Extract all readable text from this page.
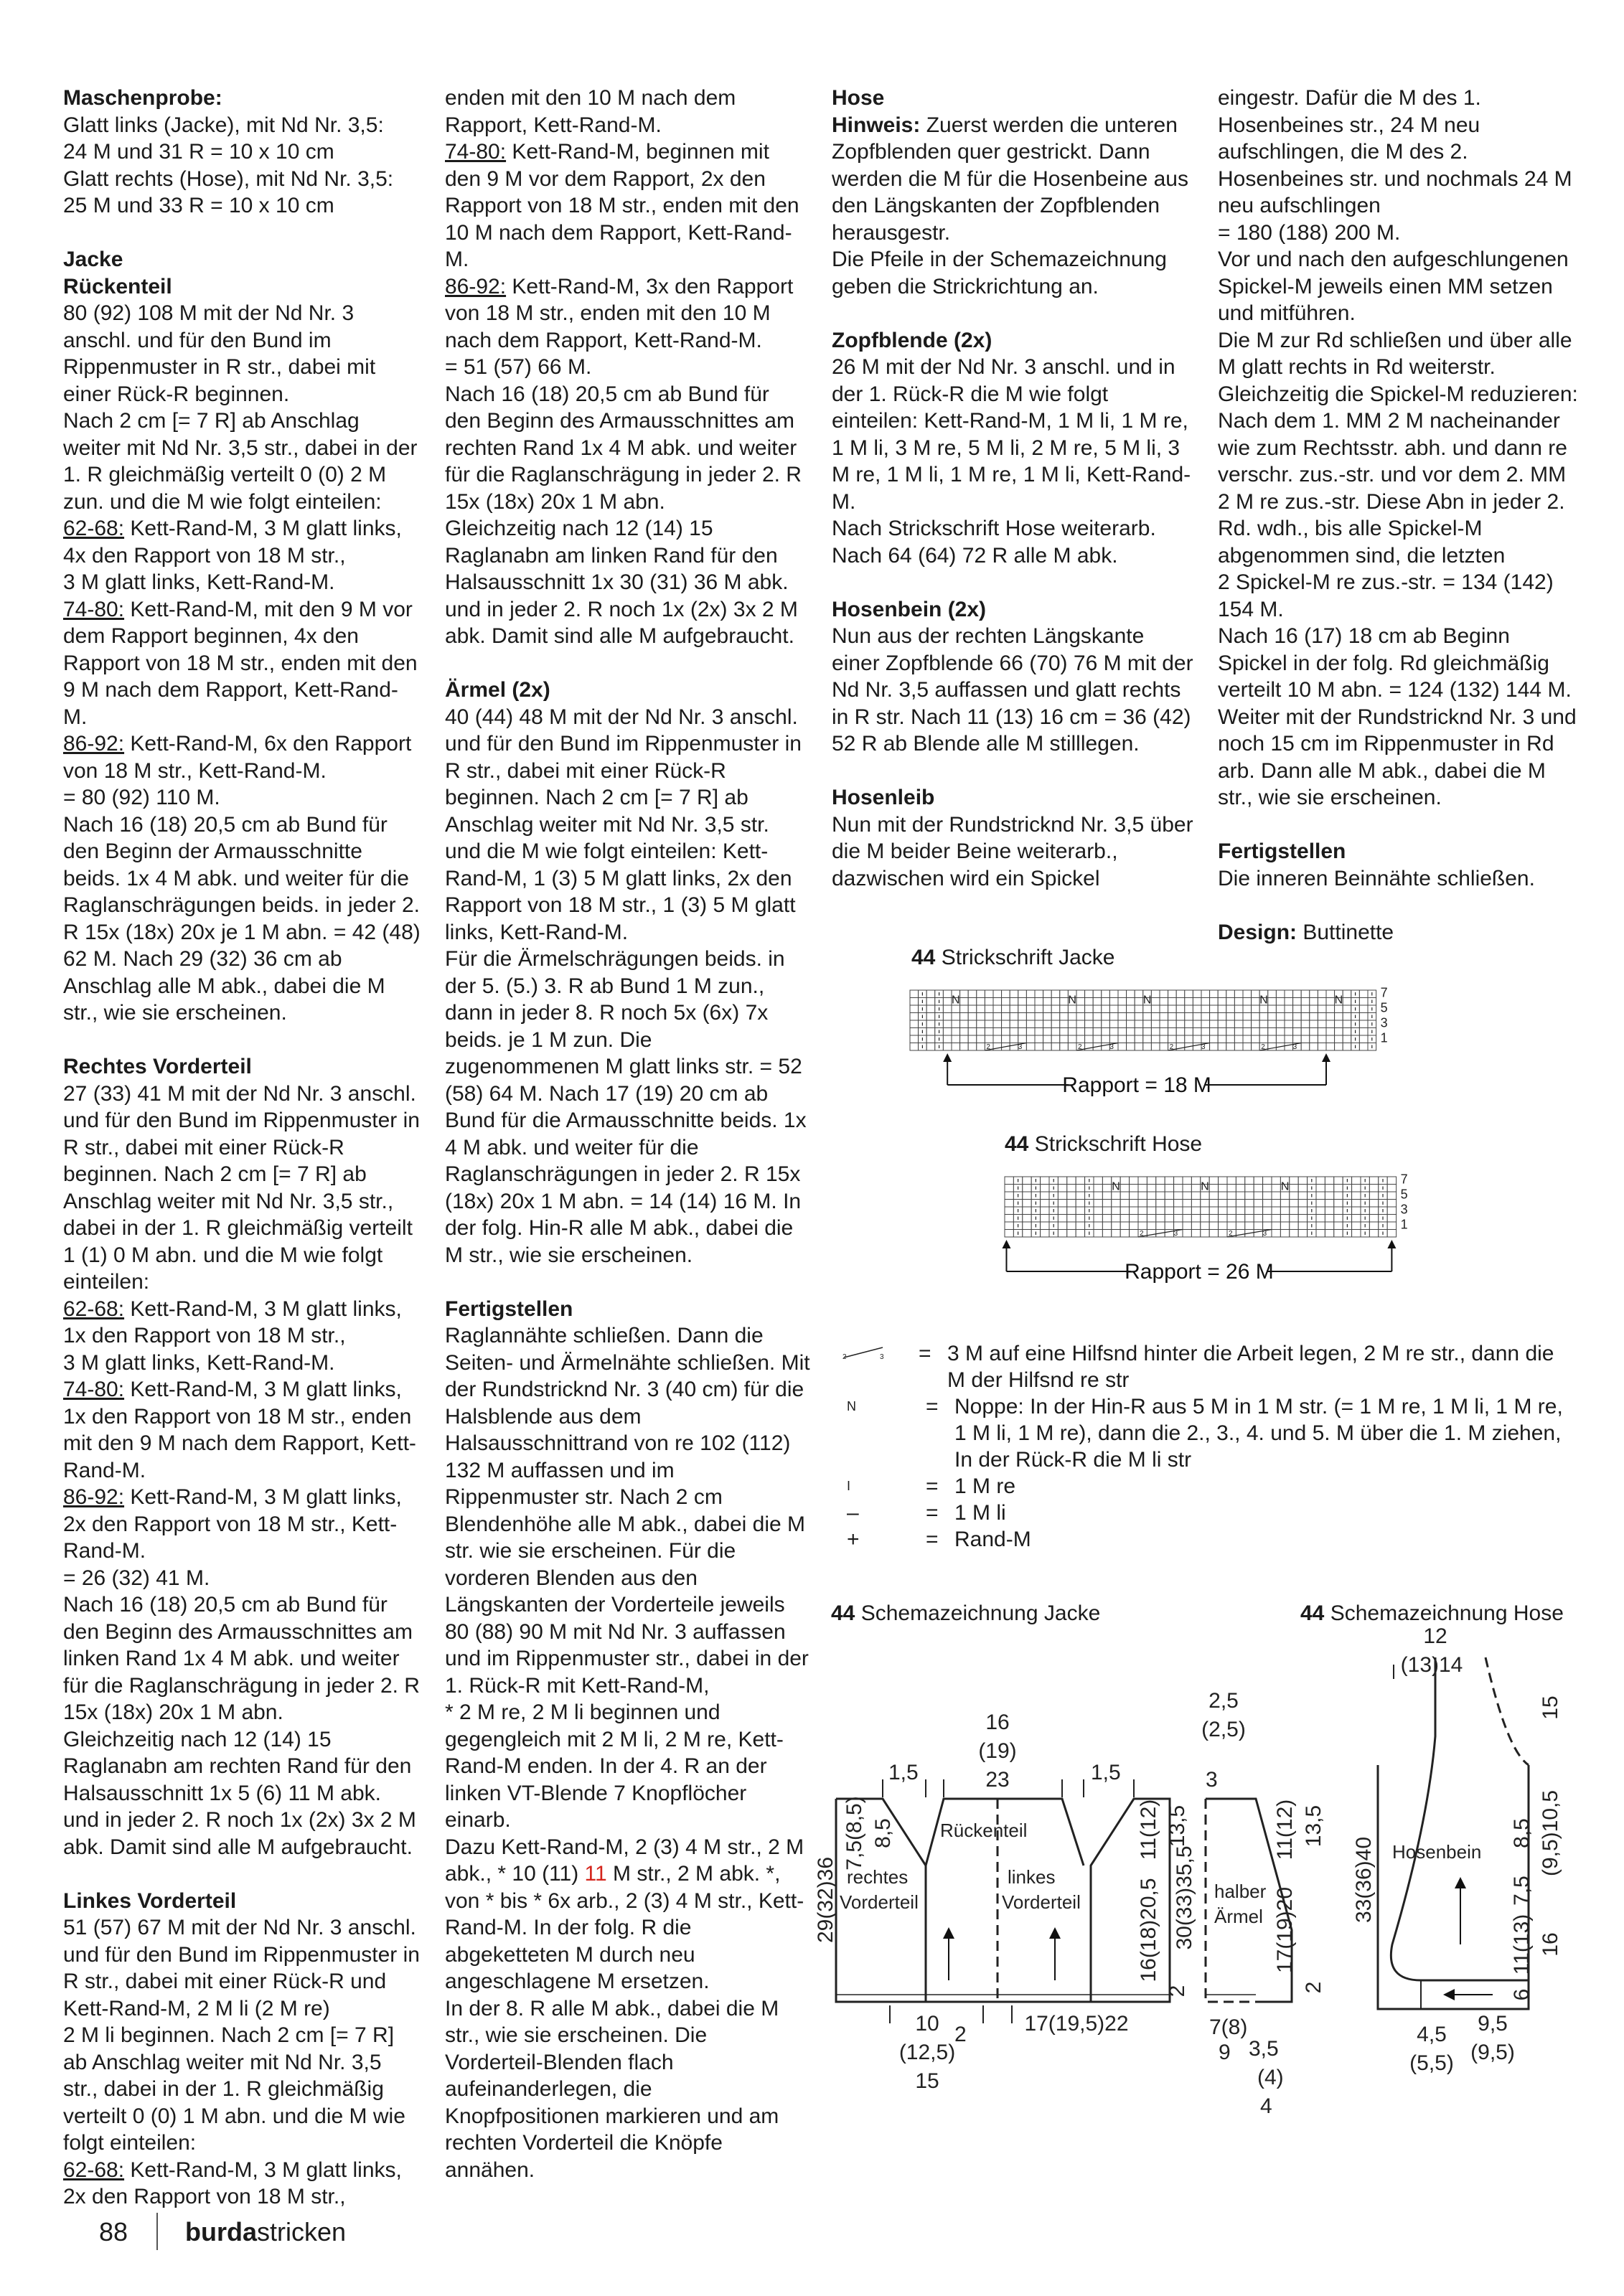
Maschenprobe:

Glatt links (Jacke), mit Nd Nr. 3,5:
24 M und 31 R = 10 x 10 cm
Glatt rechts (Hose), mit Nd Nr. 3,5:
25 M und 33 R = 10 x 10 cm

Jacke
Rückenteil

80 (92) 108 M mit der Nd Nr. 3 anschl. und für den Bund im Rippenmuster in R str., dabei mit einer Rück-R beginnen.
Nach 2 cm [= 7 R] ab Anschlag weiter mit Nd Nr. 3,5 str., dabei in der 1. R gleichmäßig verteilt 0 (0) 2 M zun. und die M wie folgt einteilen:
62-68: Kett-Rand-M, 3 M glatt links, 4x den Rapport von 18 M str.,
3 M glatt links, Kett-Rand-M.
74-80: Kett-Rand-M, mit den 9 M vor dem Rapport beginnen, 4x den Rapport von 18 M str., enden mit den 9 M nach dem Rapport, Kett-Rand-M.
86-92: Kett-Rand-M, 6x den Rapport von 18 M str., Kett-Rand-M.
= 80 (92) 110 M.
Nach 16 (18) 20,5 cm ab Bund für den Beginn der Armausschnitte beids. 1x 4 M abk. und weiter für die Raglanschrägungen beids. in jeder 2. R 15x (18x) 20x je 1 M abn. = 42 (48) 62 M. Nach 29 (32) 36 cm ab Anschlag alle M abk., dabei die M str., wie sie erscheinen.

Rechtes Vorderteil

27 (33) 41 M mit der Nd Nr. 3 anschl. und für den Bund im Rippenmuster in R str., dabei mit einer Rück-R beginnen. Nach 2 cm [= 7 R] ab Anschlag weiter mit Nd Nr. 3,5 str., dabei in der 1. R gleichmäßig verteilt 1 (1) 0 M abn. und die M wie folgt einteilen:
62-68: Kett-Rand-M, 3 M glatt links, 1x den Rapport von 18 M str.,
3 M glatt links, Kett-Rand-M.
74-80: Kett-Rand-M, 3 M glatt links, 1x den Rapport von 18 M str., enden mit den 9 M nach dem Rapport, Kett-Rand-M.
86-92: Kett-Rand-M, 3 M glatt links, 2x den Rapport von 18 M str., Kett-Rand-M.
= 26 (32) 41 M.
Nach 16 (18) 20,5 cm ab Bund für den Beginn des Armausschnittes am linken Rand 1x 4 M abk. und weiter für die Raglanschrägung in jeder 2. R 15x (18x) 20x 1 M abn.
Gleichzeitig nach 12 (14) 15 Raglanabn am rechten Rand für den Halsausschnitt 1x 5 (6) 11 M abk. und in jeder 2. R noch 1x (2x) 3x 2 M abk. Damit sind alle M aufgebraucht.

Linkes Vorderteil

51 (57) 67 M mit der Nd Nr. 3 anschl. und für den Bund im Rippenmuster in R str., dabei mit einer Rück-R und Kett-Rand-M, 2 M li (2 M re)
2 M li beginnen. Nach 2 cm [= 7 R] ab Anschlag weiter mit Nd Nr. 3,5 str., dabei in der 1. R gleichmäßig verteilt 0 (0) 1 M abn. und die M wie folgt einteilen:
62-68: Kett-Rand-M, 3 M glatt links, 2x den Rapport von 18 M str.,

enden mit den 10 M nach dem Rapport, Kett-Rand-M.
74-80: Kett-Rand-M, beginnen mit den 9 M vor dem Rapport, 2x den Rapport von 18 M str., enden mit den 10 M nach dem Rapport, Kett-Rand-M.
86-92: Kett-Rand-M, 3x den Rapport von 18 M str., enden mit den 10 M nach dem Rapport, Kett-Rand-M.
= 51 (57) 66 M.
Nach 16 (18) 20,5 cm ab Bund für den Beginn des Armausschnittes am rechten Rand 1x 4 M abk. und weiter für die Raglanschrägung in jeder 2. R 15x (18x) 20x 1 M abn.
Gleichzeitig nach 12 (14) 15 Raglanabn am linken Rand für den Halsausschnitt 1x 30 (31) 36 M abk. und in jeder 2. R noch 1x (2x) 3x 2 M abk. Damit sind alle M aufgebraucht.

Ärmel (2x)

40 (44) 48 M mit der Nd Nr. 3 anschl. und für den Bund im Rippenmuster in R str., dabei mit einer Rück-R beginnen. Nach 2 cm [= 7 R] ab Anschlag weiter mit Nd Nr. 3,5 str. und die M wie folgt einteilen: Kett-Rand-M, 1 (3) 5 M glatt links, 2x den Rapport von 18 M str., 1 (3) 5 M glatt links, Kett-Rand-M.
Für die Ärmelschrägungen beids. in der 5. (5.) 3. R ab Bund 1 M zun., dann in jeder 8. R noch 5x (6x) 7x beids. je 1 M zun. Die zugenommenen M glatt links str. = 52 (58) 64 M. Nach 17 (19) 20 cm ab Bund für die Armausschnitte beids. 1x 4 M abk. und weiter für die Raglanschrägungen in jeder 2. R 15x (18x) 20x 1 M abn. = 14 (14) 16 M. In der folg. Hin-R alle M abk., dabei die M str., wie sie erscheinen.

Fertigstellen

Raglannähte schließen. Dann die Seiten- und Ärmelnähte schließen. Mit der Rundstricknd Nr. 3 (40 cm) für die Halsblende aus dem Halsausschnittrand von re 102 (112) 132 M auffassen und im Rippenmuster str. Nach 2 cm Blendenhöhe alle M abk., dabei die M str. wie sie erscheinen. Für die vorderen Blenden aus den Längskanten der Vorderteile jeweils 80 (88) 90 M mit Nd Nr. 3 auffassen und im Rippenmuster str., dabei in der 1. Rück-R mit Kett-Rand-M,
* 2 M re, 2 M li beginnen und gegengleich mit 2 M li, 2 M re, Kett-Rand-M enden. In der 4. R an der linken VT-Blende 7 Knopflöcher einarb.
Dazu Kett-Rand-M, 2 (3) 4 M str., 2 M abk., * 10 (11) 11 M str., 2 M abk. *, von * bis * 6x arb., 2 (3) 4 M str., Kett-Rand-M. In der folg. R die abgeketteten M durch neu angeschlagene M ersetzen.
In der 8. R alle M abk., dabei die M str., wie sie erscheinen. Die Vorderteil-Blenden flach aufeinanderlegen, die Knopfpositionen markieren und am rechten Vorderteil die Knöpfe annähen.

Hose

Hinweis: Zuerst werden die unteren Zopfblenden quer gestrickt. Dann werden die M für die Hosenbeine aus den Längskanten der Zopfblenden herausgestr.
Die Pfeile in der Schemazeichnung geben die Strickrichtung an.

Zopfblende (2x)

26 M mit der Nd Nr. 3 anschl. und in der 1. Rück-R die M wie folgt einteilen: Kett-Rand-M, 1 M li, 1 M re, 1 M li, 3 M re, 5 M li, 2 M re, 5 M li, 3 M re, 1 M li, 1 M re, 1 M li, Kett-Rand-M.
Nach Strickschrift Hose weiterarb.
Nach 64 (64) 72 R alle M abk.

Hosenbein (2x)

Nun aus der rechten Längskante einer Zopfblende 66 (70) 76 M mit der Nd Nr. 3,5 auffassen und glatt rechts in R str. Nach 11 (13) 16 cm = 36 (42) 52 R ab Blende alle M stilllegen.

Hosenleib

Nun mit der Rundstricknd Nr. 3,5 über die M beider Beine weiterarb., dazwischen wird ein Spickel

eingestr. Dafür die M des 1. Hosenbeines str., 24 M neu aufschlingen, die M des 2. Hosenbeines str. und nochmals 24 M neu aufschlingen
= 180 (188) 200 M.
Vor und nach den aufgeschlungenen Spickel-M jeweils einen MM setzen und mitführen.
Die M zur Rd schließen und über alle M glatt rechts in Rd weiterstr.
Gleichzeitig die Spickel-M reduzieren: Nach dem 1. MM 2 M nacheinander wie zum Rechtsstr. abh. und dann re verschr. zus.-str. und vor dem 2. MM 2 M re zus.-str. Diese Abn in jeder 2. Rd. wdh., bis alle Spickel-M abgenommen sind, die letzten
2 Spickel-M re zus.-str. = 134 (142) 154 M.
Nach 16 (17) 18 cm ab Beginn Spickel in der folg. Rd gleichmäßig verteilt 10 M abn. = 124 (132) 144 M. Weiter mit der Rundstricknd Nr. 3 und noch 15 cm im Rippenmuster in Rd arb. Dann alle M abk., dabei die M str., wie sie erscheinen.

Fertigstellen

Die inneren Beinnähte schließen.

Design: Buttinette

44 Strickschrift Jacke
N	N	N	N	N
2	3	2	3	2	3	2	3
7
5
3
1
Rapport = 18 M
44 Strickschrift Hose
N	N	N
2	3	2	3
7
5
3
1
Rapport = 26 M
2	3 = 3 M auf eine Hilfsnd hinter die Arbeit legen, 2 M re str., dann die M der Hilfsnd re str
N	= Noppe: In der Hin-R aus 5 M in 1 M str. (= 1 M re, 1 M li, 1 M re, 1 M li, 1 M re), dann die 2., 3., 4. und 5. M über die 1. M ziehen, In der Rück-R die M li str
I	= 1 M re
–	= 1 M li
+	= Rand-M
44 Schemazeichnung Jacke	44 Schemazeichnung Hose
Rückenteil
rechtes
Vorderteil
linkes
Vorderteil
16
(19)
23
1,5	1,5
29(32)36
7,5(8,5) 8,5	11(12) 13,5
16(18)20,5
2
10
(12,5)
15
2	17(19,5)22
halber
Ärmel
2,5
(2,5)
3
30(33)35,5
11(12) 13,5
17(19)20
2
7(8)
9 3,5
(4)
4
Hosenbein
12
(13)14
15
8,5 (9,5)10,5
7,5
11(13) 16
6
33(36)40
4,5
(5,5)
9,5
(9,5)
88 burdastricken
